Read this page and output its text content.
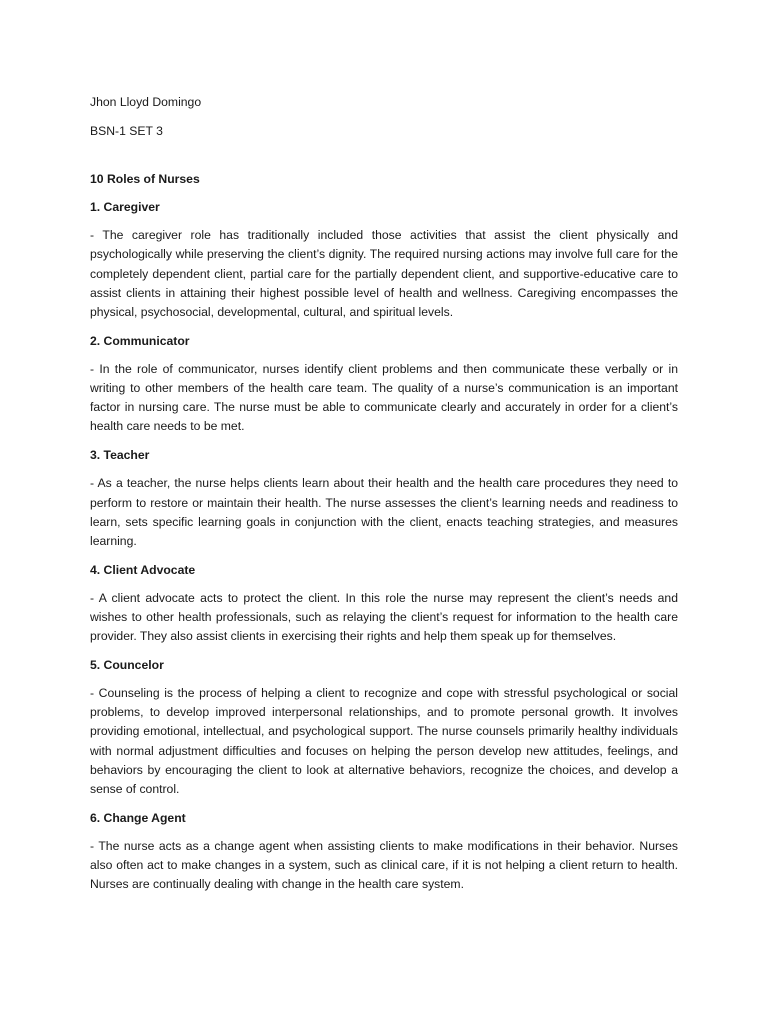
Jhon Lloyd Domingo

BSN-1 SET 3

10 Roles of Nurses

1. Caregiver

- The caregiver role has traditionally included those activities that assist the client physically and psychologically while preserving the client’s dignity. The required nursing actions may involve full care for the completely dependent client, partial care for the partially dependent client, and supportive-educative care to assist clients in attaining their highest possible level of health and wellness. Caregiving encompasses the physical, psychosocial, developmental, cultural, and spiritual levels.

2. Communicator

- In the role of communicator, nurses identify client problems and then communicate these verbally or in writing to other members of the health care team. The quality of a nurse’s communication is an important factor in nursing care. The nurse must be able to communicate clearly and accurately in order for a client’s health care needs to be met.

3. Teacher

- As a teacher, the nurse helps clients learn about their health and the health care procedures they need to perform to restore or maintain their health. The nurse assesses the client’s learning needs and readiness to learn, sets specific learning goals in conjunction with the client, enacts teaching strategies, and measures learning.

4. Client Advocate

- A client advocate acts to protect the client. In this role the nurse may represent the client’s needs and wishes to other health professionals, such as relaying the client’s request for information to the health care provider. They also assist clients in exercising their rights and help them speak up for themselves.

5. Councelor

- Counseling is the process of helping a client to recognize and cope with stressful psychological or social problems, to develop improved interpersonal relationships, and to promote personal growth. It involves providing emotional, intellectual, and psychological support. The nurse counsels primarily healthy individuals with normal adjustment difficulties and focuses on helping the person develop new attitudes, feelings, and behaviors by encouraging the client to look at alternative behaviors, recognize the choices, and develop a sense of control.

6. Change Agent

- The nurse acts as a change agent when assisting clients to make modifications in their behavior. Nurses also often act to make changes in a system, such as clinical care, if it is not helping a client return to health. Nurses are continually dealing with change in the health care system.
